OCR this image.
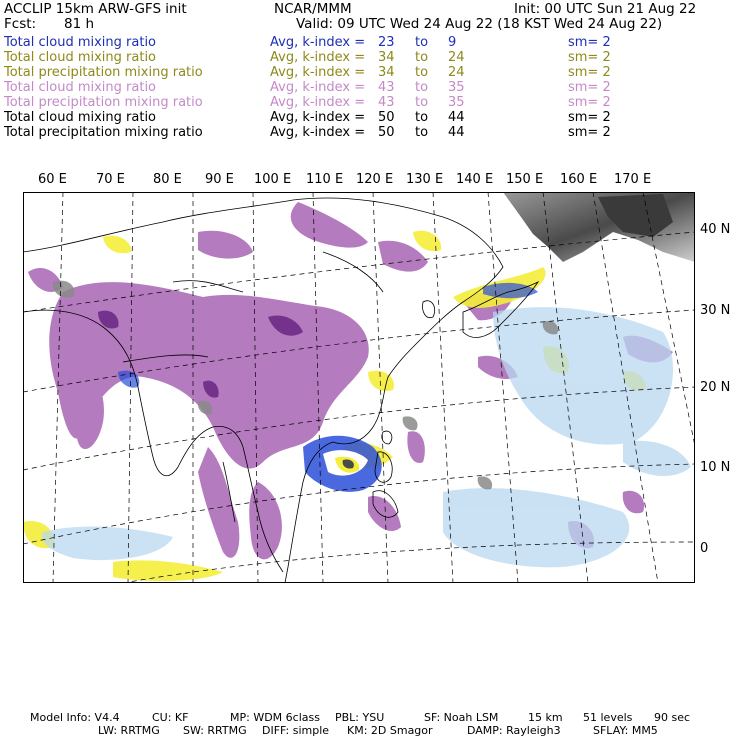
ACCLIP 15km ARW-GFS init	NCAR/MMM	Init: 00 UTC Sun 21 Aug 22
Fcst: 81 h	Valid: 09 UTC Wed 24 Aug 22 (18 KST Wed 24 Aug 22)
Total cloud mixing ratio	Avg, k-index = 23 to 9	sm= 2
Total cloud mixing ratio	Avg, k-index = 34 to 24	sm= 2
Total precipitation mixing ratio	Avg, k-index = 34 to 24	sm= 2
Total cloud mixing ratio	Avg, k-index = 43 to 35	sm= 2
Total precipitation mixing ratio	Avg, k-index = 43 to 35	sm= 2
Total cloud mixing ratio	Avg, k-index = 50 to 44	sm= 2
Total precipitation mixing ratio	Avg, k-index = 50 to 44	sm= 2
60 E 70 E 80 E 90 E 100 E 110 E 120 E 130 E 140 E 150 E 160 E 170 E
40 N
30 N
20 N
10 N
0
Model Info: V4.4	CU: KF	MP: WDM 6class PBL: YSU	SF: Noah LSM	15 km 51 levels 90 sec
LW: RRTMG SW: RRTMG DIFF: simple KM: 2D Smagor	DAMP: Rayleigh3	SFLAY: MM5
